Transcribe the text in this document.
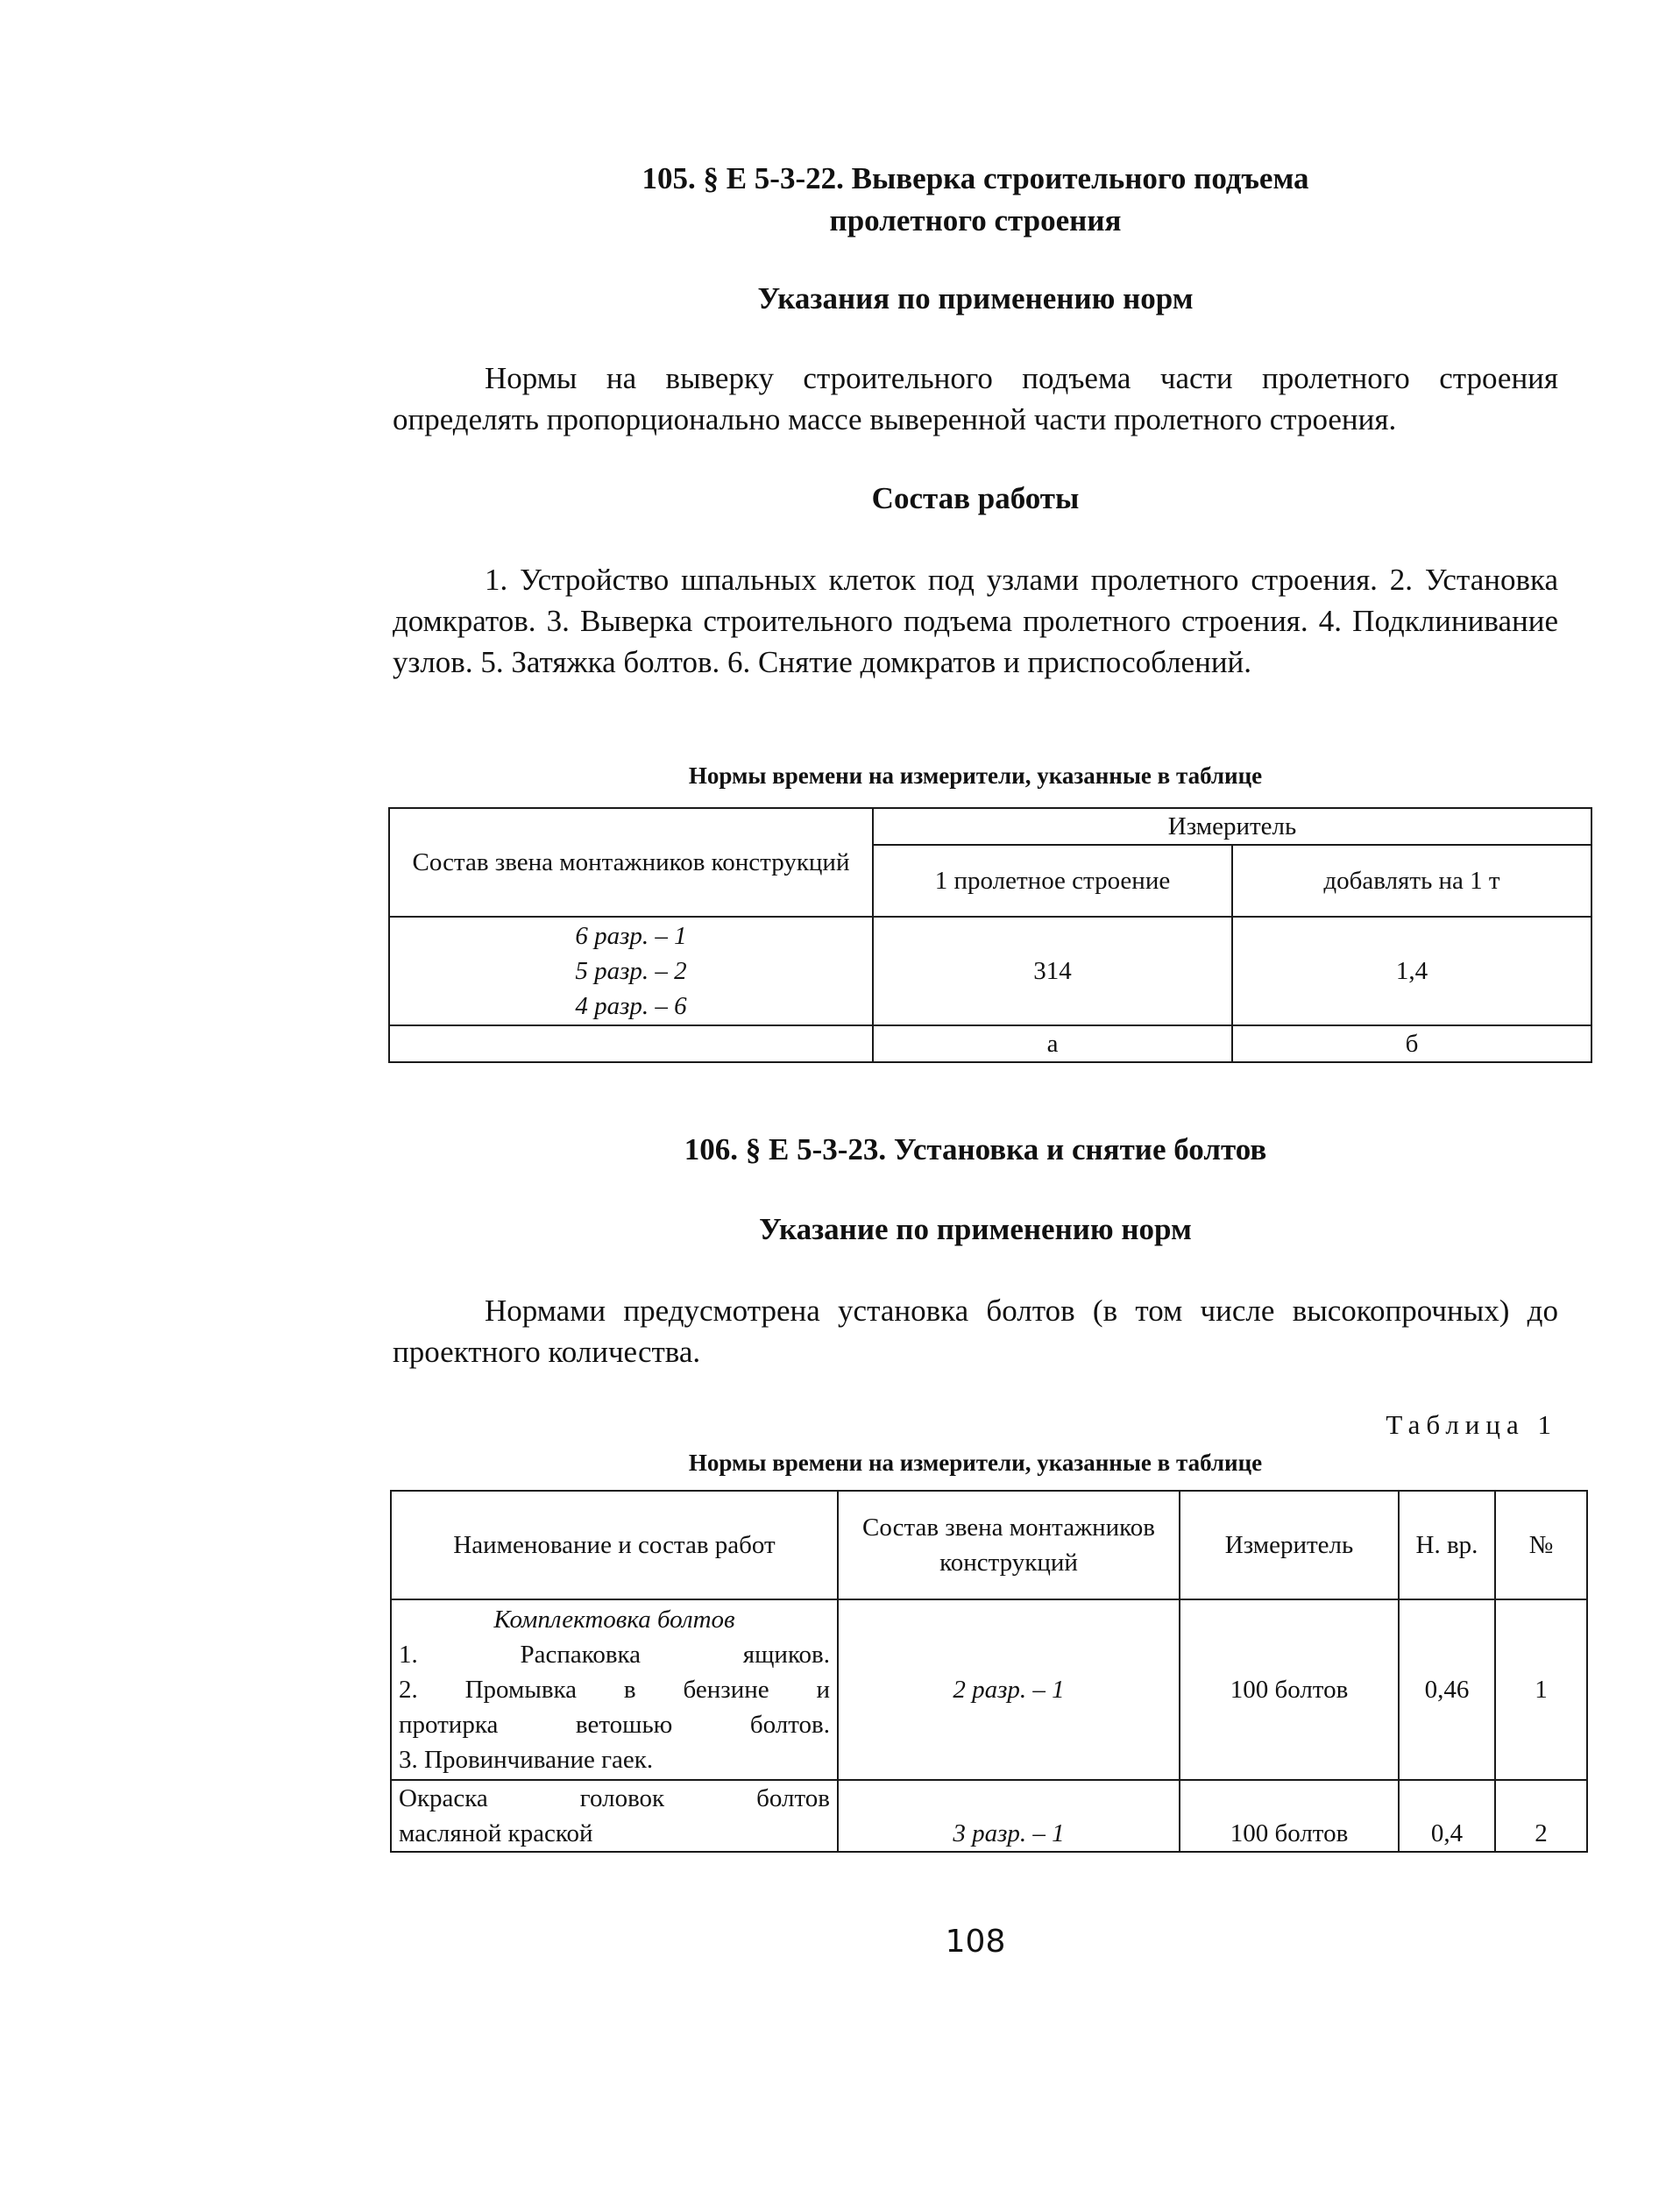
105. § Е 5-3-22. Выверка строительного подъема
пролетного строения
Указания по применению норм

Нормы на выверку строительного подъема части пролетного строения определять пропорционально массе выверенной части пролетного строения.

Состав работы

1. Устройство шпальных клеток под узлами пролетного строения. 2. Установка домкратов. 3. Выверка строительного подъема пролетного строения. 4. Подклинивание узлов. 5. Затяжка болтов. 6. Снятие домкратов и приспособлений.

Нормы времени на измерители, указанные в таблице
Состав звена монтажников конструкций	Измеритель	
	1 пролетное строение	добавлять на 1 т

6 разр. – 1
5 разр. – 2
4 разр. – 6	314	1,4
	а	б
106. § Е 5-3-23. Установка и снятие болтов
Указание по применению норм

Нормами предусмотрена установка болтов (в том числе высокопрочных) до проектного количества.

Таблица 1
Нормы времени на измерители, указанные в таблице
Наименование и состав работ	Состав звена монтажников конструкций	Измеритель	Н. вр.	№

Комплектовка болтов
1. Распаковка ящиков.
2. Промывка в бензине и
протирка ветошью болтов.
3. Провинчивание гаек.	2 разр. – 1	100 болтов	0,46	1

Окраска головок болтов
масляной краской	3 разр. – 1	100 болтов	0,4	2
108
